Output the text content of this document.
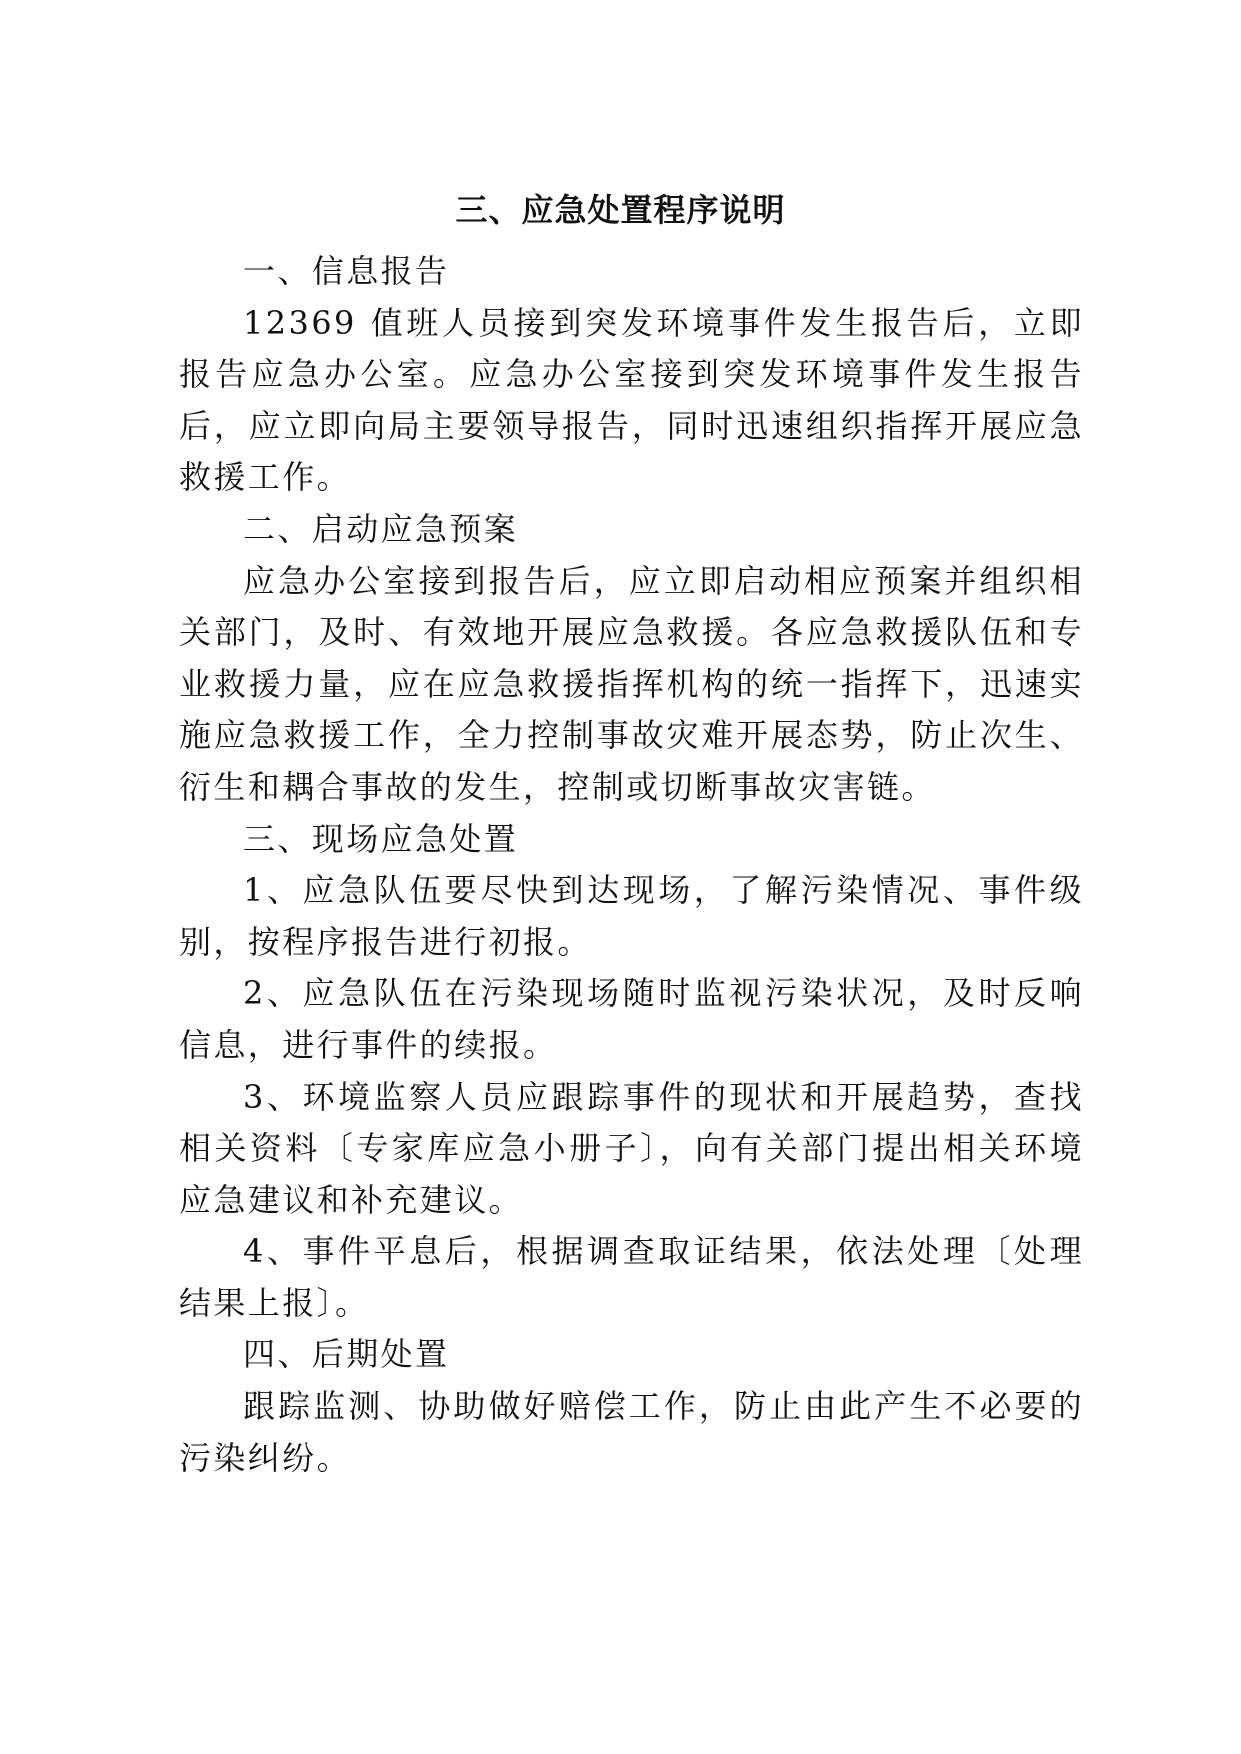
三、应急处置程序说明

一、信息报告

12369 值班人员接到突发环境事件发生报告后，立即报告应急办公室。应急办公室接到突发环境事件发生报告后，应立即向局主要领导报告，同时迅速组织指挥开展应急救援工作。

二、启动应急预案

应急办公室接到报告后，应立即启动相应预案并组织相关部门，及时、有效地开展应急救援。各应急救援队伍和专业救援力量，应在应急救援指挥机构的统一指挥下，迅速实施应急救援工作，全力控制事故灾难开展态势，防止次生、衍生和耦合事故的发生，控制或切断事故灾害链。

三、现场应急处置

1、应急队伍要尽快到达现场，了解污染情况、事件级别，按程序报告进行初报。

2、应急队伍在污染现场随时监视污染状况，及时反响信息，进行事件的续报。

3、环境监察人员应跟踪事件的现状和开展趋势，查找相关资料〔专家库应急小册子〕，向有关部门提出相关环境应急建议和补充建议。

4、事件平息后，根据调查取证结果，依法处理〔处理结果上报〕。

四、后期处置

跟踪监测、协助做好赔偿工作，防止由此产生不必要的污染纠纷。
